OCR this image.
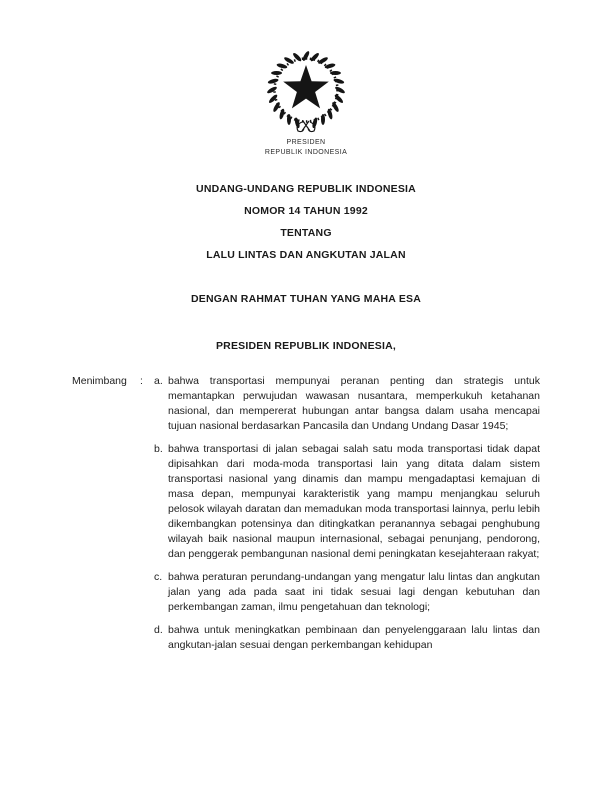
PRESIDEN
REPUBLIK INDONESIA
UNDANG-UNDANG REPUBLIK INDONESIA
NOMOR 14 TAHUN 1992
TENTANG
LALU LINTAS DAN ANGKUTAN JALAN
DENGAN RAHMAT TUHAN YANG MAHA ESA
PRESIDEN REPUBLIK INDONESIA,
Menimbang	:	a. bahwa transportasi mempunyai peranan penting dan strategis untuk memantapkan perwujudan wawasan nusantara, memperkukuh ketahanan nasional, dan mempererat hubungan antar bangsa dalam usaha mencapai tujuan nasional berdasarkan Pancasila dan Undang Undang Dasar 1945;
b. bahwa transportasi di jalan sebagai salah satu moda transportasi tidak dapat dipisahkan dari moda-moda transportasi lain yang ditata dalam sistem transportasi nasional yang dinamis dan mampu mengadaptasi kemajuan di masa depan, mempunyai karakteristik yang mampu menjangkau seluruh pelosok wilayah daratan dan memadukan moda transportasi lainnya, perlu lebih dikembangkan potensinya dan ditingkatkan peranannya sebagai penghubung wilayah baik nasional maupun internasional, sebagai penunjang, pendorong, dan penggerak pembangunan nasional demi peningkatan kesejahteraan rakyat;
c. bahwa peraturan perundang-undangan yang mengatur lalu lintas dan angkutan jalan yang ada pada saat ini tidak sesuai lagi dengan kebutuhan dan perkembangan zaman, ilmu pengetahuan dan teknologi;
d. bahwa untuk meningkatkan pembinaan dan penyelenggaraan lalu lintas dan angkutan-jalan sesuai dengan perkembangan kehidupan
